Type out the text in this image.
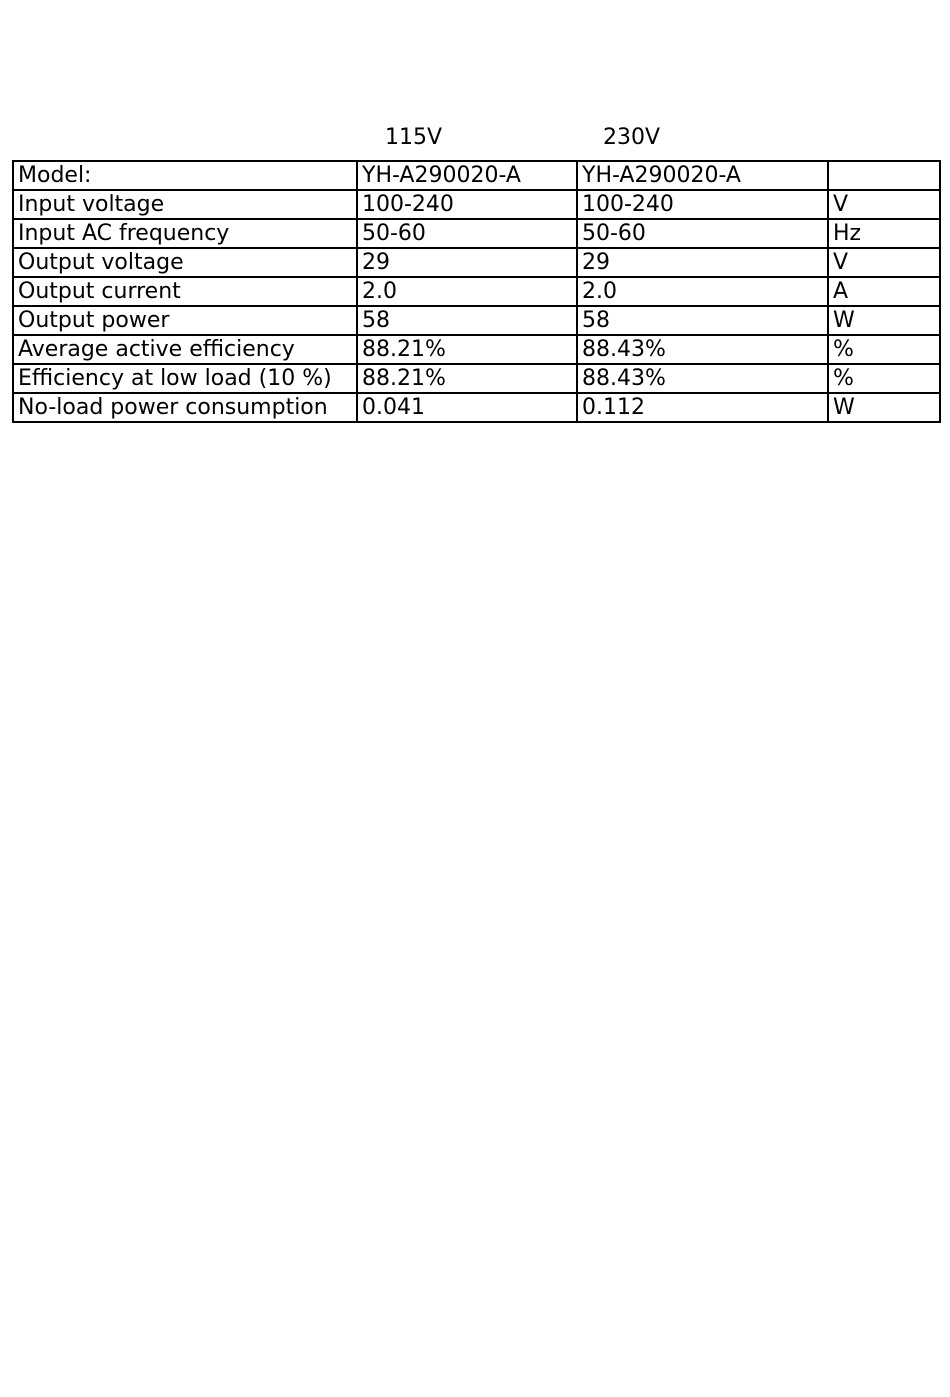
115V	230V
Model:	YH-A290020-A	YH-A290020-A	
Input voltage	100-240	100-240	V
Input AC frequency	50-60	50-60	Hz
Output voltage	29	29	V
Output current	2.0	2.0	A
Output power	58	58	W
Average active efficiency	88.21%	88.43%	%
Efficiency at low load (10 %)	88.21%	88.43%	%
No-load power consumption	0.041	0.112	W
